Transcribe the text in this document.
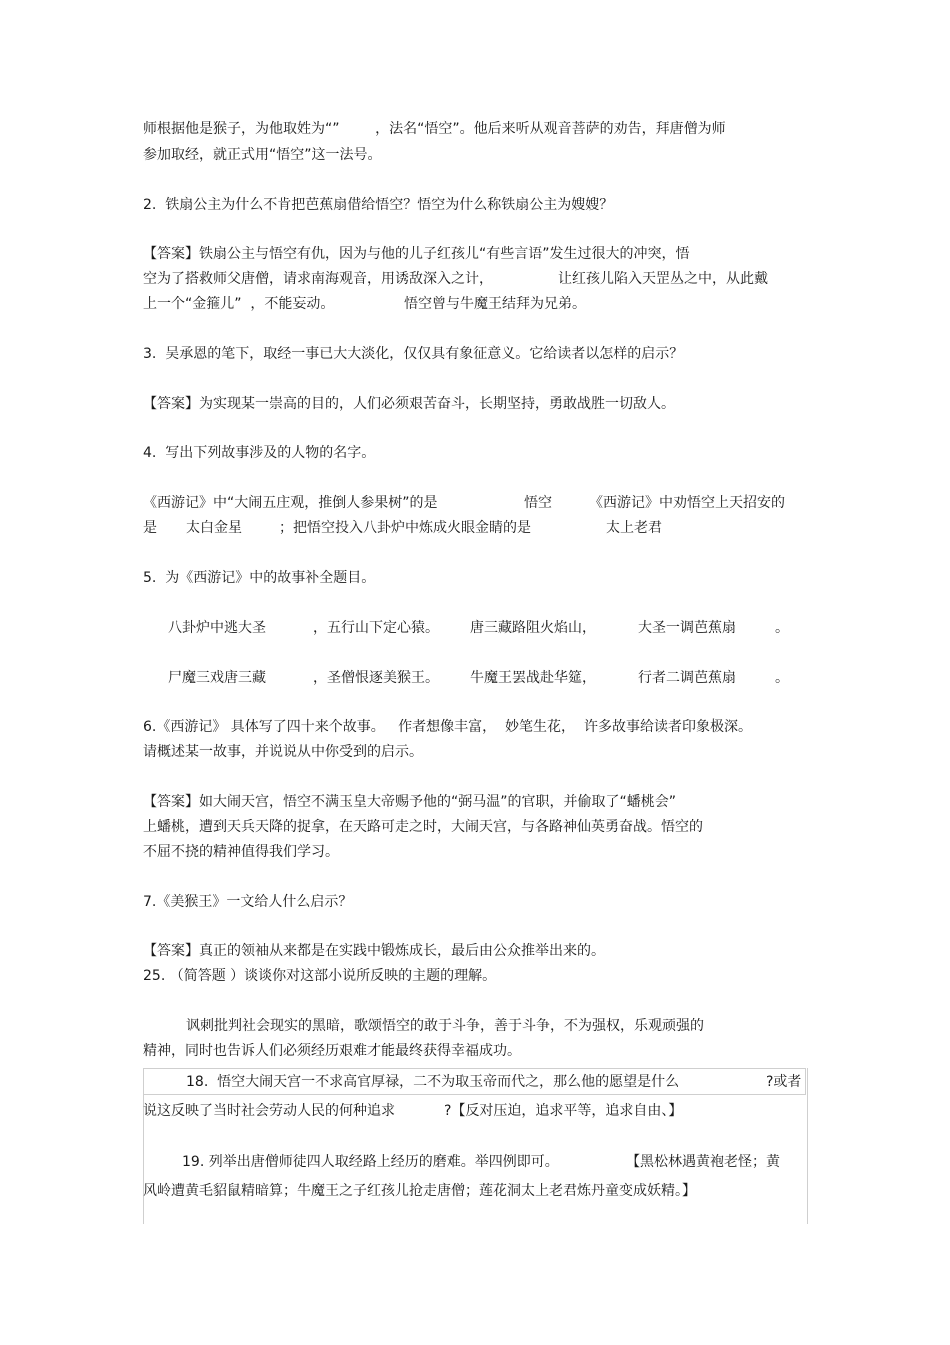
师根据他是猴子，为他取姓为“”        ，法名“悟空”。他后来听从观音菩萨的劝告，拜唐僧为师
参加取经，就正式用“悟空”这一法号。
2.  铁扇公主为什么不肯把芭蕉扇借给悟空？悟空为什么称铁扇公主为嫂嫂？
【答案】铁扇公主与悟空有仇，因为与他的儿子红孩儿“有些言语”发生过很大的冲突，悟
空为了搭救师父唐僧，请求南海观音，用诱敌深入之计，	让红孩儿陷入天罡丛之中，从此戴
上一个“金箍儿”  ，不能妄动。	悟空曾与牛魔王结拜为兄弟。
3.  吴承恩的笔下，取经一事已大大淡化，仅仅具有象征意义。它给读者以怎样的启示？
【答案】为实现某一崇高的目的，人们必须艰苦奋斗，长期坚持，勇敢战胜一切敌人。
4.  写出下列故事涉及的人物的名字。
《西游记》中“大闹五庄观，推倒人参果树”的是	悟空	《西游记》中劝悟空上天招安的
是 太白金星	；把悟空投入八卦炉中炼成火眼金睛的是	太上老君
5.  为《西游记》中的故事补全题目。
八卦炉中逃大圣	，五行山下定心猿。 唐三藏路阻火焰山，	大圣一调芭蕉扇	。
尸魔三戏唐三藏	，圣僧恨逐美猴王。 牛魔王罢战赴华筵，	行者二调芭蕉扇	。
6.《西游记》 具体写了四十来个故事。   作者想像丰富，  妙笔生花，  许多故事给读者印象极深。
请概述某一故事，并说说从中你受到的启示。
【答案】如大闹天宫，悟空不满玉皇大帝赐予他的“弼马温”的官职，并偷取了“蟠桃会”
上蟠桃，遭到天兵天降的捉拿，在天路可走之时，大闹天宫，与各路神仙英勇奋战。悟空的
不屈不挠的精神值得我们学习。
7.《美猴王》一文给人什么启示？
【答案】真正的领袖从来都是在实践中锻炼成长，最后由公众推举出来的。
25. （简答题 ）谈谈你对这部小说所反映的主题的理解。
讽刺批判社会现实的黑暗，歌颂悟空的敢于斗争，善于斗争，不为强权，乐观顽强的
精神，同时也告诉人们必须经历艰难才能最终获得幸福成功。
18.  悟空大闹天宫一不求高官厚禄，二不为取玉帝而代之，那么他的愿望是什么	?或者
说这反映了当时社会劳动人民的何种追求	?【反对压迫，追求平等，追求自由、】
19. 列举出唐僧师徒四人取经路上经历的磨难。举四例即可。	【黑松林遇黄袍老怪；黄
风岭遭黄毛貂鼠精暗算；牛魔王之子红孩儿抢走唐僧；莲花洞太上老君炼丹童变成妖精。】
